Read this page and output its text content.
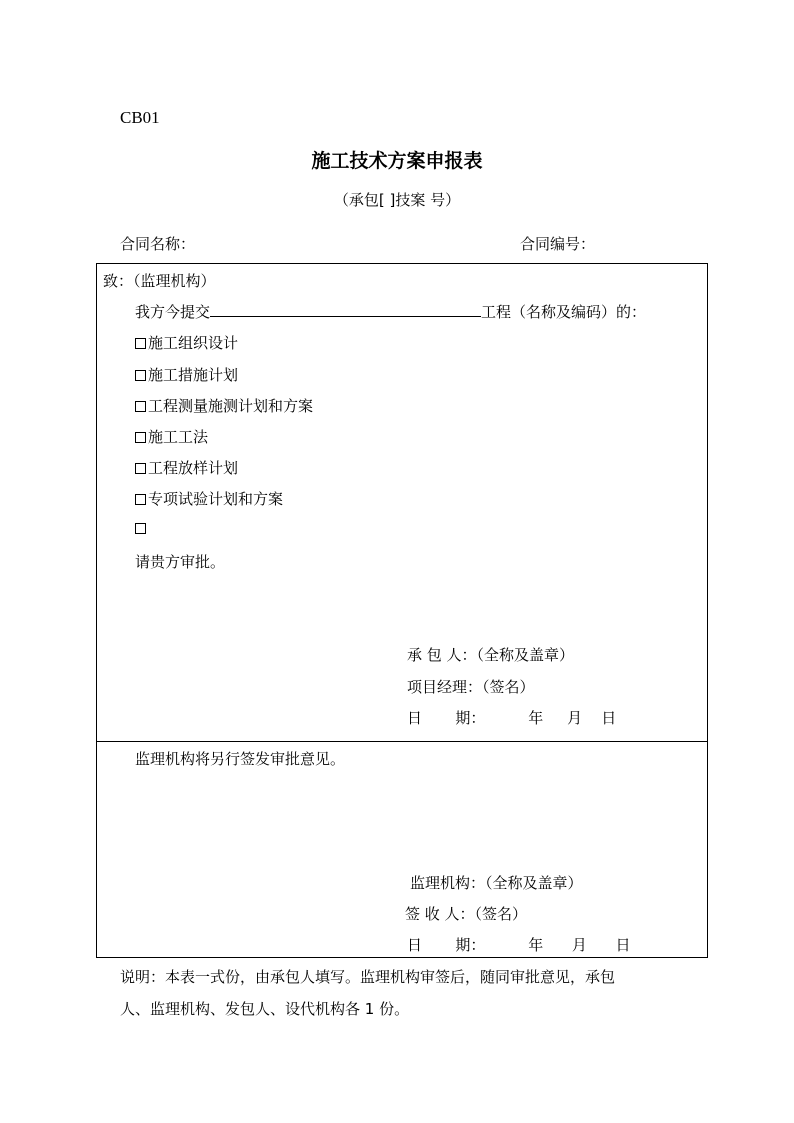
CB01
施工技术方案申报表
（承包[ ]技案 号）
合同名称：	合同编号：
致：（监理机构）
我方今提交	工程（名称及编码）的：
施工组织设计
施工措施计划
工程测量施测计划和方案
施工工法
工程放样计划
专项试验计划和方案
请贵方审批。
承 包 人：（全称及盖章）
项目经理：（签名）
日       期：         年     月    日
监理机构将另行签发审批意见。
监理机构：（全称及盖章）
签 收 人：（签名）
日       期：         年      月      日
说明：本表一式份，由承包人填写。监理机构审签后，随同审批意见，承包
人、监理机构、发包人、设代机构各 1 份。
